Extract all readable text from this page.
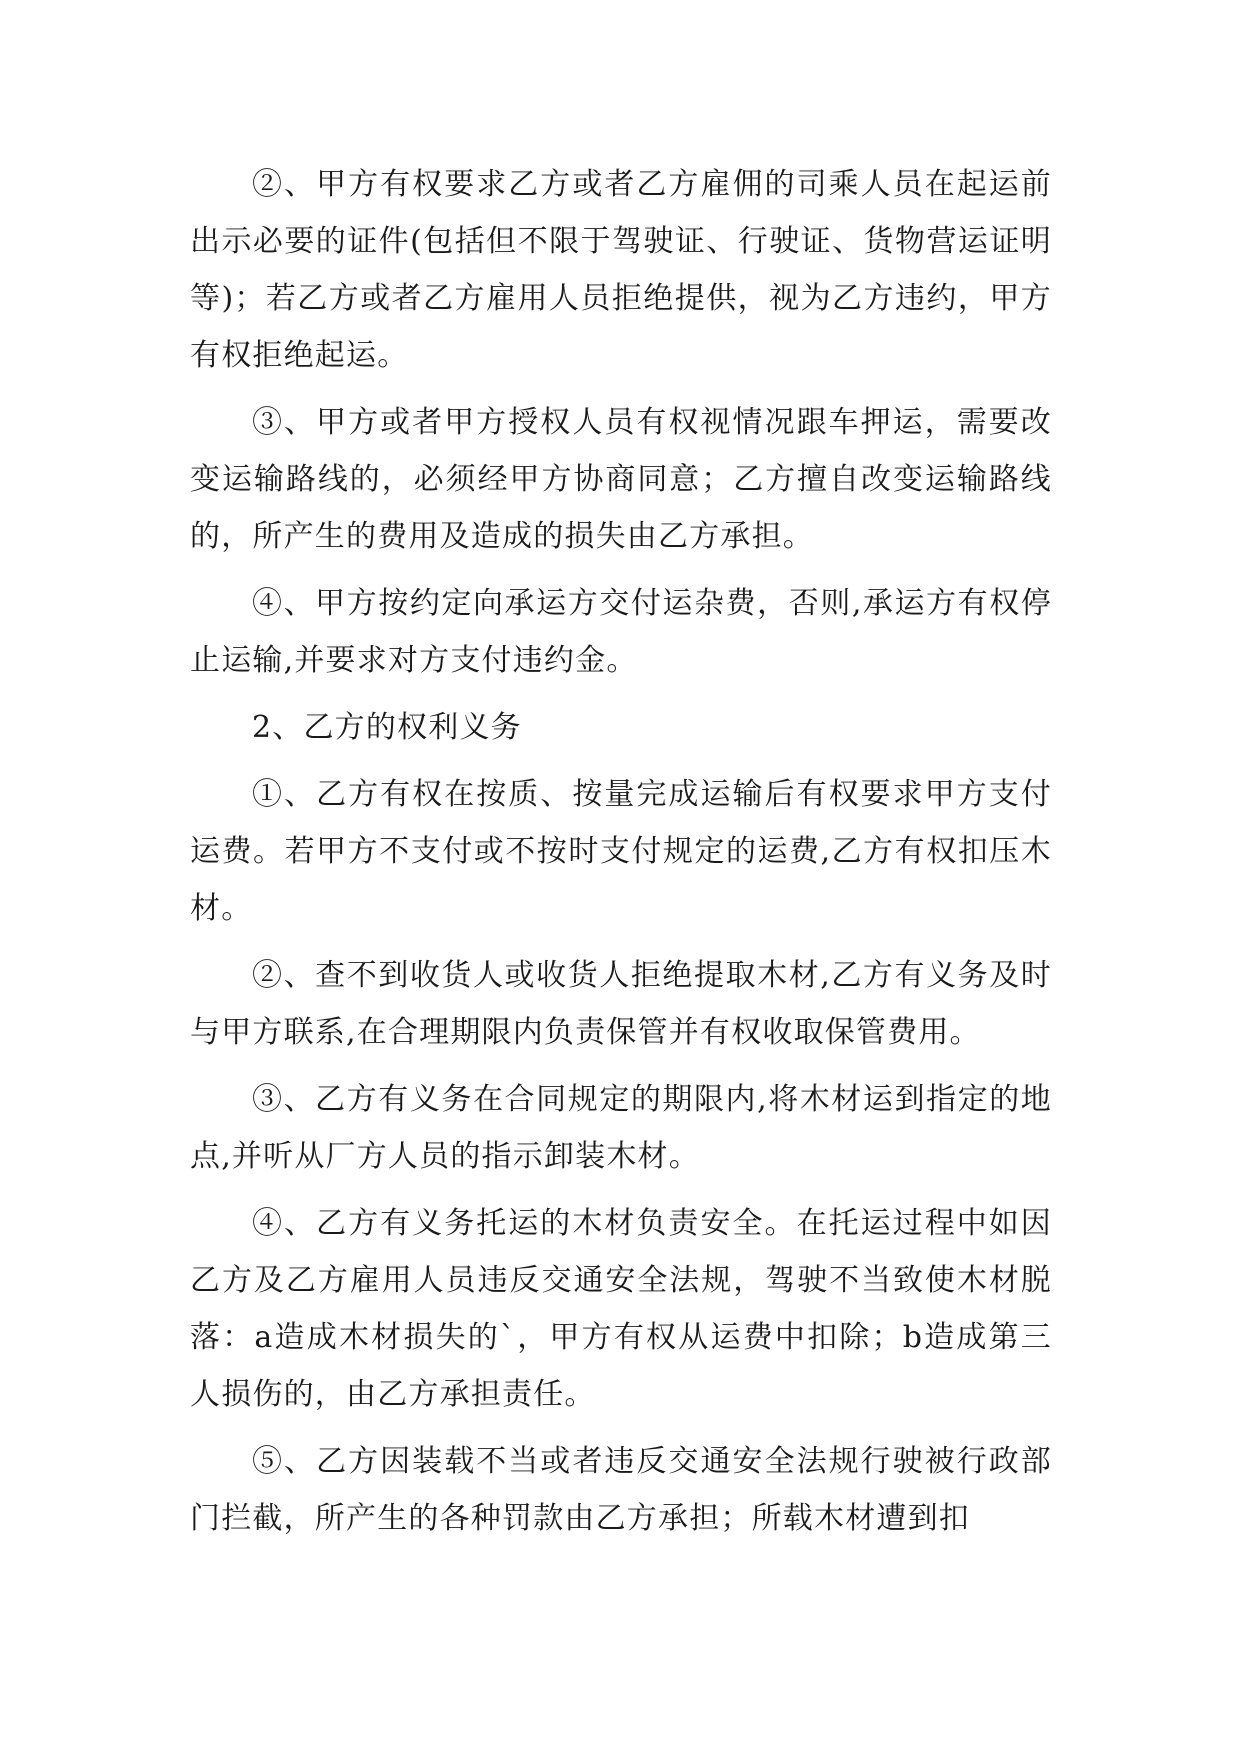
②、甲方有权要求乙方或者乙方雇佣的司乘人员在起运前出示必要的证件(包括但不限于驾驶证、行驶证、货物营运证明等)；若乙方或者乙方雇用人员拒绝提供，视为乙方违约，甲方有权拒绝起运。

③、甲方或者甲方授权人员有权视情况跟车押运，需要改变运输路线的，必须经甲方协商同意；乙方擅自改变运输路线的，所产生的费用及造成的损失由乙方承担。

④、甲方按约定向承运方交付运杂费，否则,承运方有权停止运输,并要求对方支付违约金。

2、乙方的权利义务

①、乙方有权在按质、按量完成运输后有权要求甲方支付运费。若甲方不支付或不按时支付规定的运费,乙方有权扣压木材。

②、查不到收货人或收货人拒绝提取木材,乙方有义务及时与甲方联系,在合理期限内负责保管并有权收取保管费用。

③、乙方有义务在合同规定的期限内,将木材运到指定的地点,并听从厂方人员的指示卸装木材。

④、乙方有义务托运的木材负责安全。在托运过程中如因乙方及乙方雇用人员违反交通安全法规，驾驶不当致使木材脱落：a造成木材损失的`，甲方有权从运费中扣除；b造成第三人损伤的，由乙方承担责任。

⑤、乙方因装载不当或者违反交通安全法规行驶被行政部门拦截，所产生的各种罚款由乙方承担；所载木材遭到扣
